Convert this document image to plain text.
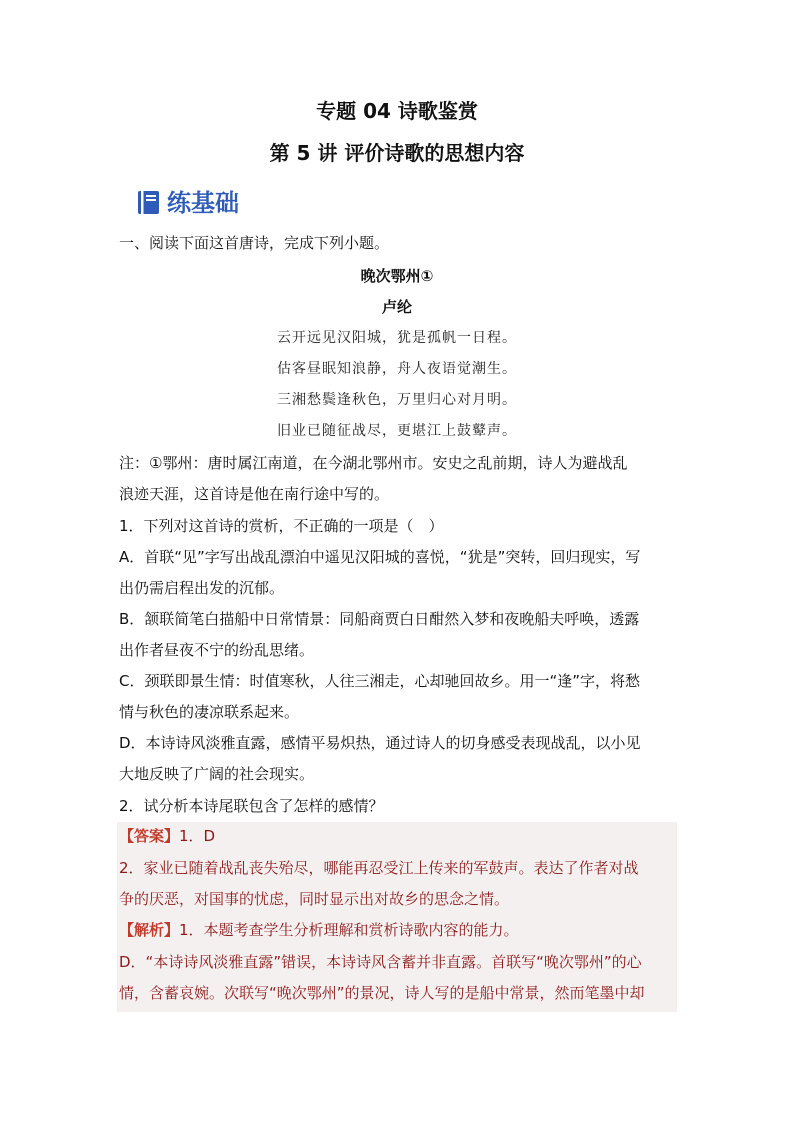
专题 04 诗歌鉴赏
第 5 讲 评价诗歌的思想内容
练基础
一、阅读下面这首唐诗，完成下列小题。
晚次鄂州①
卢纶
云开远见汉阳城，犹是孤帆一日程。
估客昼眠知浪静，舟人夜语觉潮生。
三湘愁鬓逢秋色，万里归心对月明。
旧业已随征战尽，更堪江上鼓鼙声。
注：①鄂州：唐时属江南道，在今湖北鄂州市。安史之乱前期，诗人为避战乱
浪迹天涯，这首诗是他在南行途中写的。
1．下列对这首诗的赏析，不正确的一项是（　）
A．首联“见”字写出战乱漂泊中遥见汉阳城的喜悦，“犹是”突转，回归现实，写
出仍需启程出发的沉郁。
B．颔联简笔白描船中日常情景：同船商贾白日酣然入梦和夜晚船夫呼唤，透露
出作者昼夜不宁的纷乱思绪。
C．颈联即景生情：时值寒秋，人往三湘走，心却驰回故乡。用一“逢”字，将愁
情与秋色的凄凉联系起来。
D．本诗诗风淡雅直露，感情平易炽热，通过诗人的切身感受表现战乱，以小见
大地反映了广阔的社会现实。
2．试分析本诗尾联包含了怎样的感情？
【答案】1．D
2．家业已随着战乱丧失殆尽，哪能再忍受江上传来的军鼓声。表达了作者对战
争的厌恶，对国事的忧虑，同时显示出对故乡的思念之情。
【解析】1．本题考查学生分析理解和赏析诗歌内容的能力。
D．“本诗诗风淡雅直露”错误，本诗诗风含蓄并非直露。首联写“晚次鄂州”的心
情，含蓄哀婉。次联写“晚次鄂州”的景况，诗人写的是船中常景，然而笔墨中却
